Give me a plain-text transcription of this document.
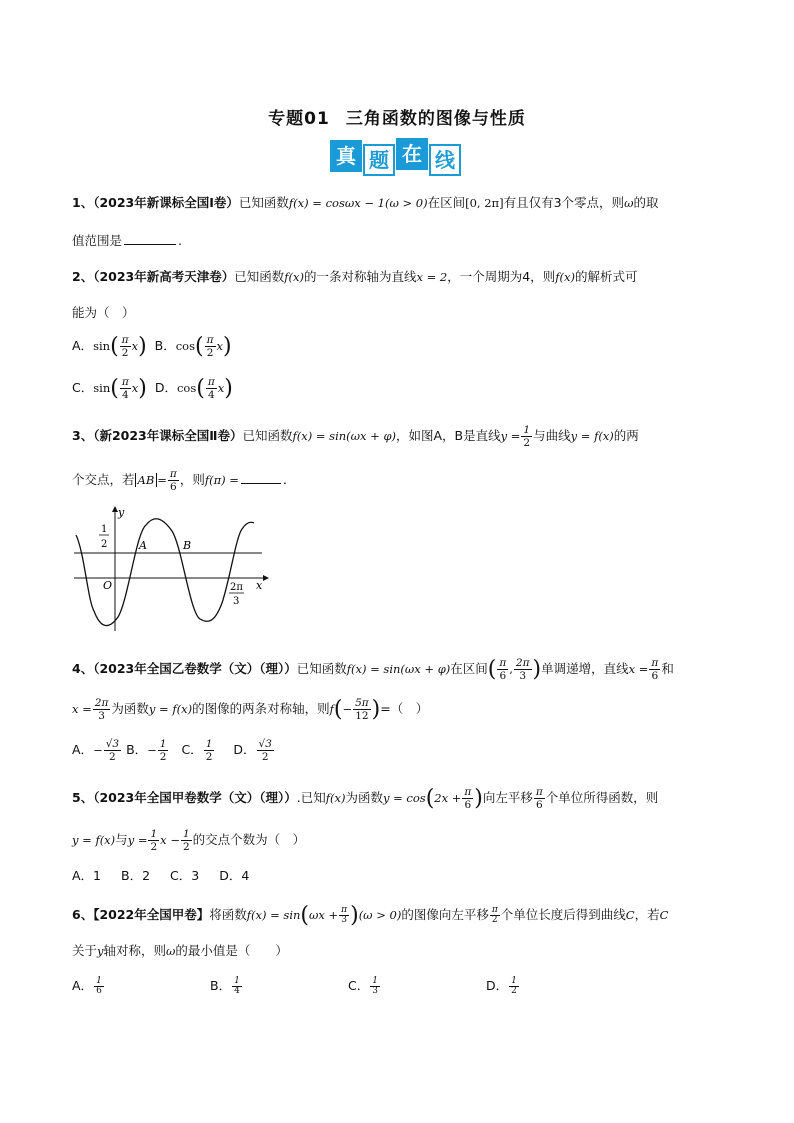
专题01 三角函数的图像与性质
真 题 在 线
1、（2023年新课标全国Ⅰ卷）已知函数f(x) = cosωx − 1(ω > 0)在区间[0, 2π]有且仅有3个零点，则ω的取
值范围是	.
2、（2023年新高考天津卷）已知函数f(x)的一条对称轴为直线x = 2，一个周期为4，则f(x)的解析式可
能为（　）
A．$\sin( \frac{\pi}{2} x)$ B．$\cos( \frac{\pi}{2} x)$
C．$\sin( \frac{\pi}{4} x)$ D．$\cos( \frac{\pi}{4} x)$
3、（新2023年课标全国Ⅱ卷）已知函数f(x) = sin(ωx + φ)，如图A，B是直线$y = \frac{1}{2}$ 与曲线y = f(x)的两
个交点，若 AB = $\frac{\pi}{6}$ ，则f(π) =	．
y
x
O
1
2	A	B
2π
3
4、（2023年全国乙卷数学（文）（理））已知函数f(x) = sin(ωx + φ)在区间( $\frac{\pi}{6}$ , $\frac{2\pi}{3}$ )单调递增，直线$x = \frac{\pi}{6}$ 和
$x = \frac{2\pi}{3}$ 为函数y = f(x)的图像的两条对称轴，则$f(- \frac{5\pi}{12}$ )=（　）
A．− $\frac{√3}{2}$ B．− $\frac{1}{2}$ C． $\frac{1}{2}$ D． $\frac{√3}{2}$
5、（2023年全国甲卷数学（文）（理））.已知f(x)为函数$y = \cos(2x + \frac{\pi}{6}$ )向左平移 $\frac{\pi}{6}$ 个单位所得函数，则
y = f(x)与$y = \frac{1}{2}$ $x - \frac{1}{2}$ 的交点个数为（　）
A．1 B．2 C．3 D．4
6、【2022年全国甲卷】将函数$f(x) = \sin(\omega x + \frac{\pi}{3} )(\omega > 0)$的图像向左平移 $\frac{\pi}{2}$ 个单位长度后得到曲线C，若C
关于y轴对称，则ω的最小值是（　　）
A． $\frac{1}{6}$	B． $\frac{1}{4}$	C． $\frac{1}{3}$	D． $\frac{1}{2}$
